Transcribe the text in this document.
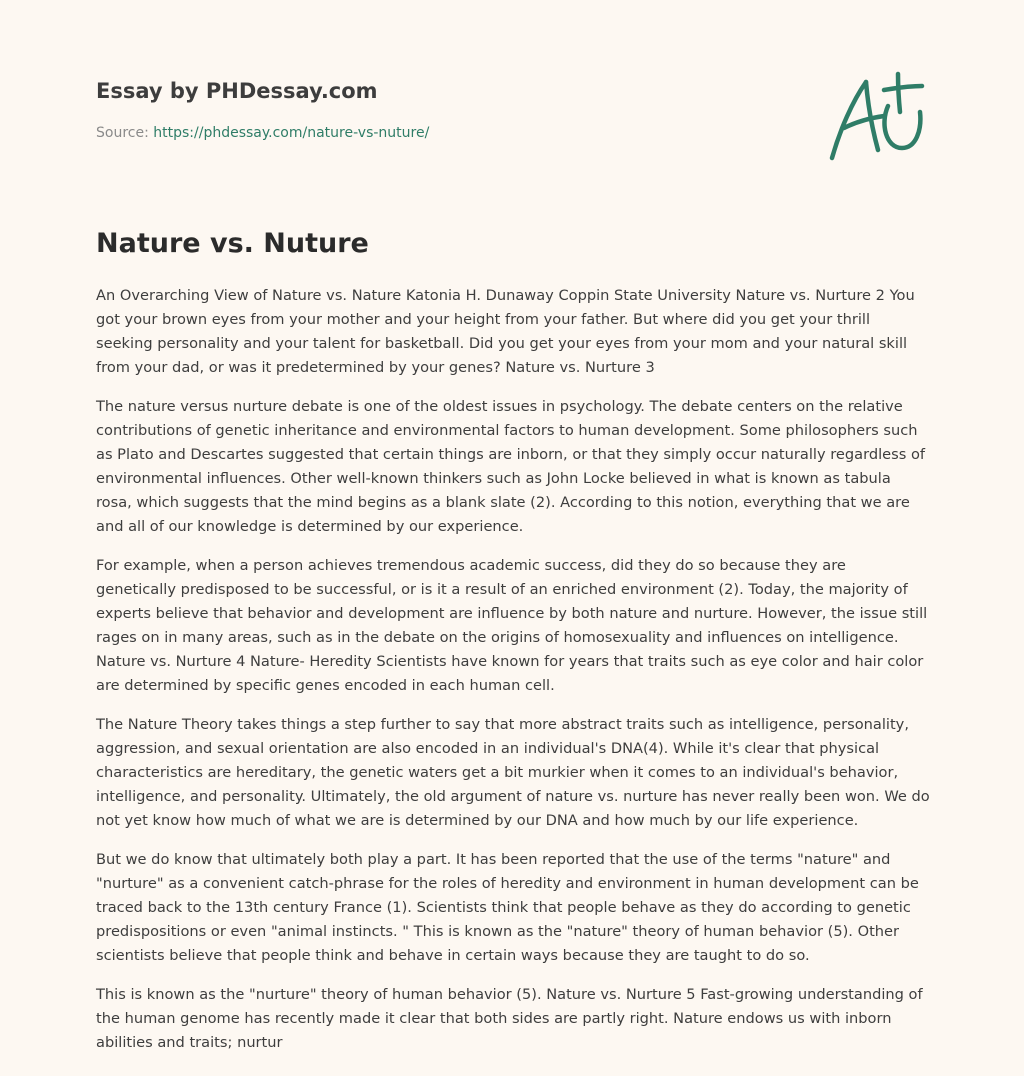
Essay by PHDessay.com
Source: https://phdessay.com/nature-vs-nuture/
Nature vs. Nuture

An Overarching View of Nature vs. Nature Katonia H. Dunaway Coppin State University Nature vs. Nurture 2 You got your brown eyes from your mother and your height from your father. But where did you get your thrill seeking personality and your talent for basketball. Did you get your eyes from your mom and your natural skill from your dad, or was it predetermined by your genes? Nature vs. Nurture 3

The nature versus nurture debate is one of the oldest issues in psychology. The debate centers on the relative contributions of genetic inheritance and environmental factors to human development. Some philosophers such as Plato and Descartes suggested that certain things are inborn, or that they simply occur naturally regardless of environmental influences. Other well-known thinkers such as John Locke believed in what is known as tabula rosa, which suggests that the mind begins as a blank slate (2). According to this notion, everything that we are and all of our knowledge is determined by our experience.

For example, when a person achieves tremendous academic success, did they do so because they are genetically predisposed to be successful, or is it a result of an enriched environment (2). Today, the majority of experts believe that behavior and development are influence by both nature and nurture. However, the issue still rages on in many areas, such as in the debate on the origins of homosexuality and influences on intelligence. Nature vs. Nurture 4 Nature- Heredity Scientists have known for years that traits such as eye color and hair color are determined by specific genes encoded in each human cell.

The Nature Theory takes things a step further to say that more abstract traits such as intelligence, personality, aggression, and sexual orientation are also encoded in an individual's DNA(4). While it's clear that physical characteristics are hereditary, the genetic waters get a bit murkier when it comes to an individual's behavior, intelligence, and personality. Ultimately, the old argument of nature vs. nurture has never really been won. We do not yet know how much of what we are is determined by our DNA and how much by our life experience.

But we do know that ultimately both play a part. It has been reported that the use of the terms "nature" and "nurture" as a convenient catch-phrase for the roles of heredity and environment in human development can be traced back to the 13th century France (1). Scientists think that people behave as they do according to genetic predispositions or even "animal instincts. " This is known as the "nature" theory of human behavior (5). Other scientists believe that people think and behave in certain ways because they are taught to do so.

This is known as the "nurture" theory of human behavior (5). Nature vs. Nurture 5 Fast-growing understanding of the human genome has recently made it clear that both sides are partly right. Nature endows us with inborn abilities and traits; nurtur
